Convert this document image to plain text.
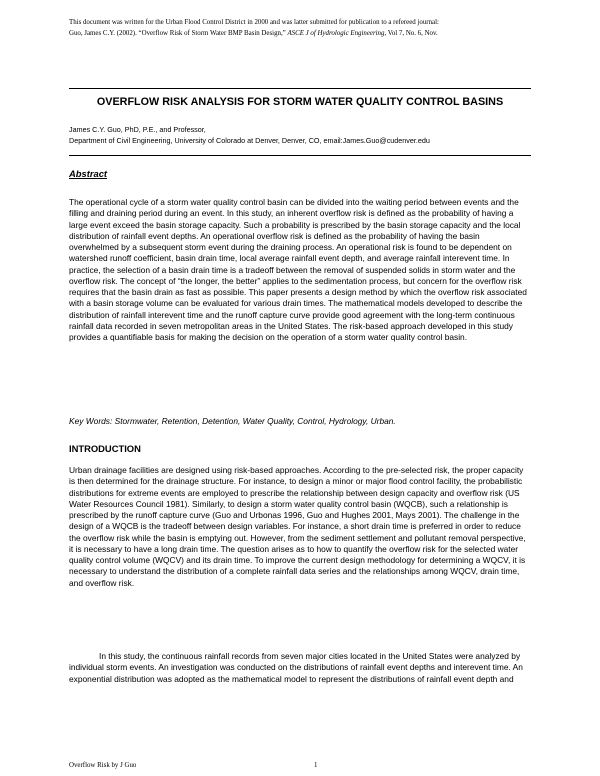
This document was written for the Urban Flood Control District in 2000 and was latter submitted for publication to a refereed journal:
Guo, James C.Y. (2002). “Overflow Risk of Storm Water BMP Basin Design,” ASCE J of Hydrologic Engineering, Vol 7, No. 6, Nov.
OVERFLOW RISK ANALYSIS FOR STORM WATER QUALITY CONTROL BASINS
James C.Y. Guo, PhD, P.E., and Professor,
Department of Civil Engineering, University of Colorado at Denver, Denver, CO, email:James.Guo@cudenver.edu
Abstract
The operational cycle of a storm water quality control basin can be divided into the waiting period between events and the filling and draining period during an event. In this study, an inherent overflow risk is defined as the probability of having a large event exceed the basin storage capacity. Such a probability is prescribed by the basin storage capacity and the local distribution of rainfall event depths. An operational overflow risk is defined as the probability of having the basin overwhelmed by a subsequent storm event during the draining process. An operational risk is found to be dependent on watershed runoff coefficient, basin drain time, local average rainfall event depth, and average rainfall interevent time. In practice, the selection of a basin drain time is a tradeoff between the removal of suspended solids in storm water and the overflow risk. The concept of “the longer, the better” applies to the sedimentation process, but concern for the overflow risk requires that the basin drain as fast as possible. This paper presents a design method by which the overflow risk associated with a basin storage volume can be evaluated for various drain times. The mathematical models developed to describe the distribution of rainfall interevent time and the runoff capture curve provide good agreement with the long-term continuous rainfall data recorded in seven metropolitan areas in the United States. The risk-based approach developed in this study provides a quantifiable basis for making the decision on the operation of a storm water quality control basin.
Key Words: Stormwater, Retention, Detention, Water Quality, Control, Hydrology, Urban.
INTRODUCTION
Urban drainage facilities are designed using risk-based approaches. According to the pre-selected risk, the proper capacity is then determined for the drainage structure. For instance, to design a minor or major flood control facility, the probabilistic distributions for extreme events are employed to prescribe the relationship between design capacity and overflow risk (US Water Resources Council 1981). Similarly, to design a storm water quality control basin (WQCB), such a relationship is prescribed by the runoff capture curve (Guo and Urbonas 1996, Guo and Hughes 2001, Mays 2001). The challenge in the design of a WQCB is the tradeoff between design variables. For instance, a short drain time is preferred in order to reduce the overflow risk while the basin is emptying out. However, from the sediment settlement and pollutant removal perspective, it is necessary to have a long drain time. The question arises as to how to quantify the overflow risk for the selected water quality control volume (WQCV) and its drain time. To improve the current design methodology for determining a WQCV, it is necessary to understand the distribution of a complete rainfall data series and the relationships among WQCV, drain time, and overflow risk.
In this study, the continuous rainfall records from seven major cities located in the United States were analyzed by individual storm events. An investigation was conducted on the distributions of rainfall event depths and interevent time. An exponential distribution was adopted as the mathematical model to represent the distributions of rainfall event depth and
Overflow Risk by J Guo	1
